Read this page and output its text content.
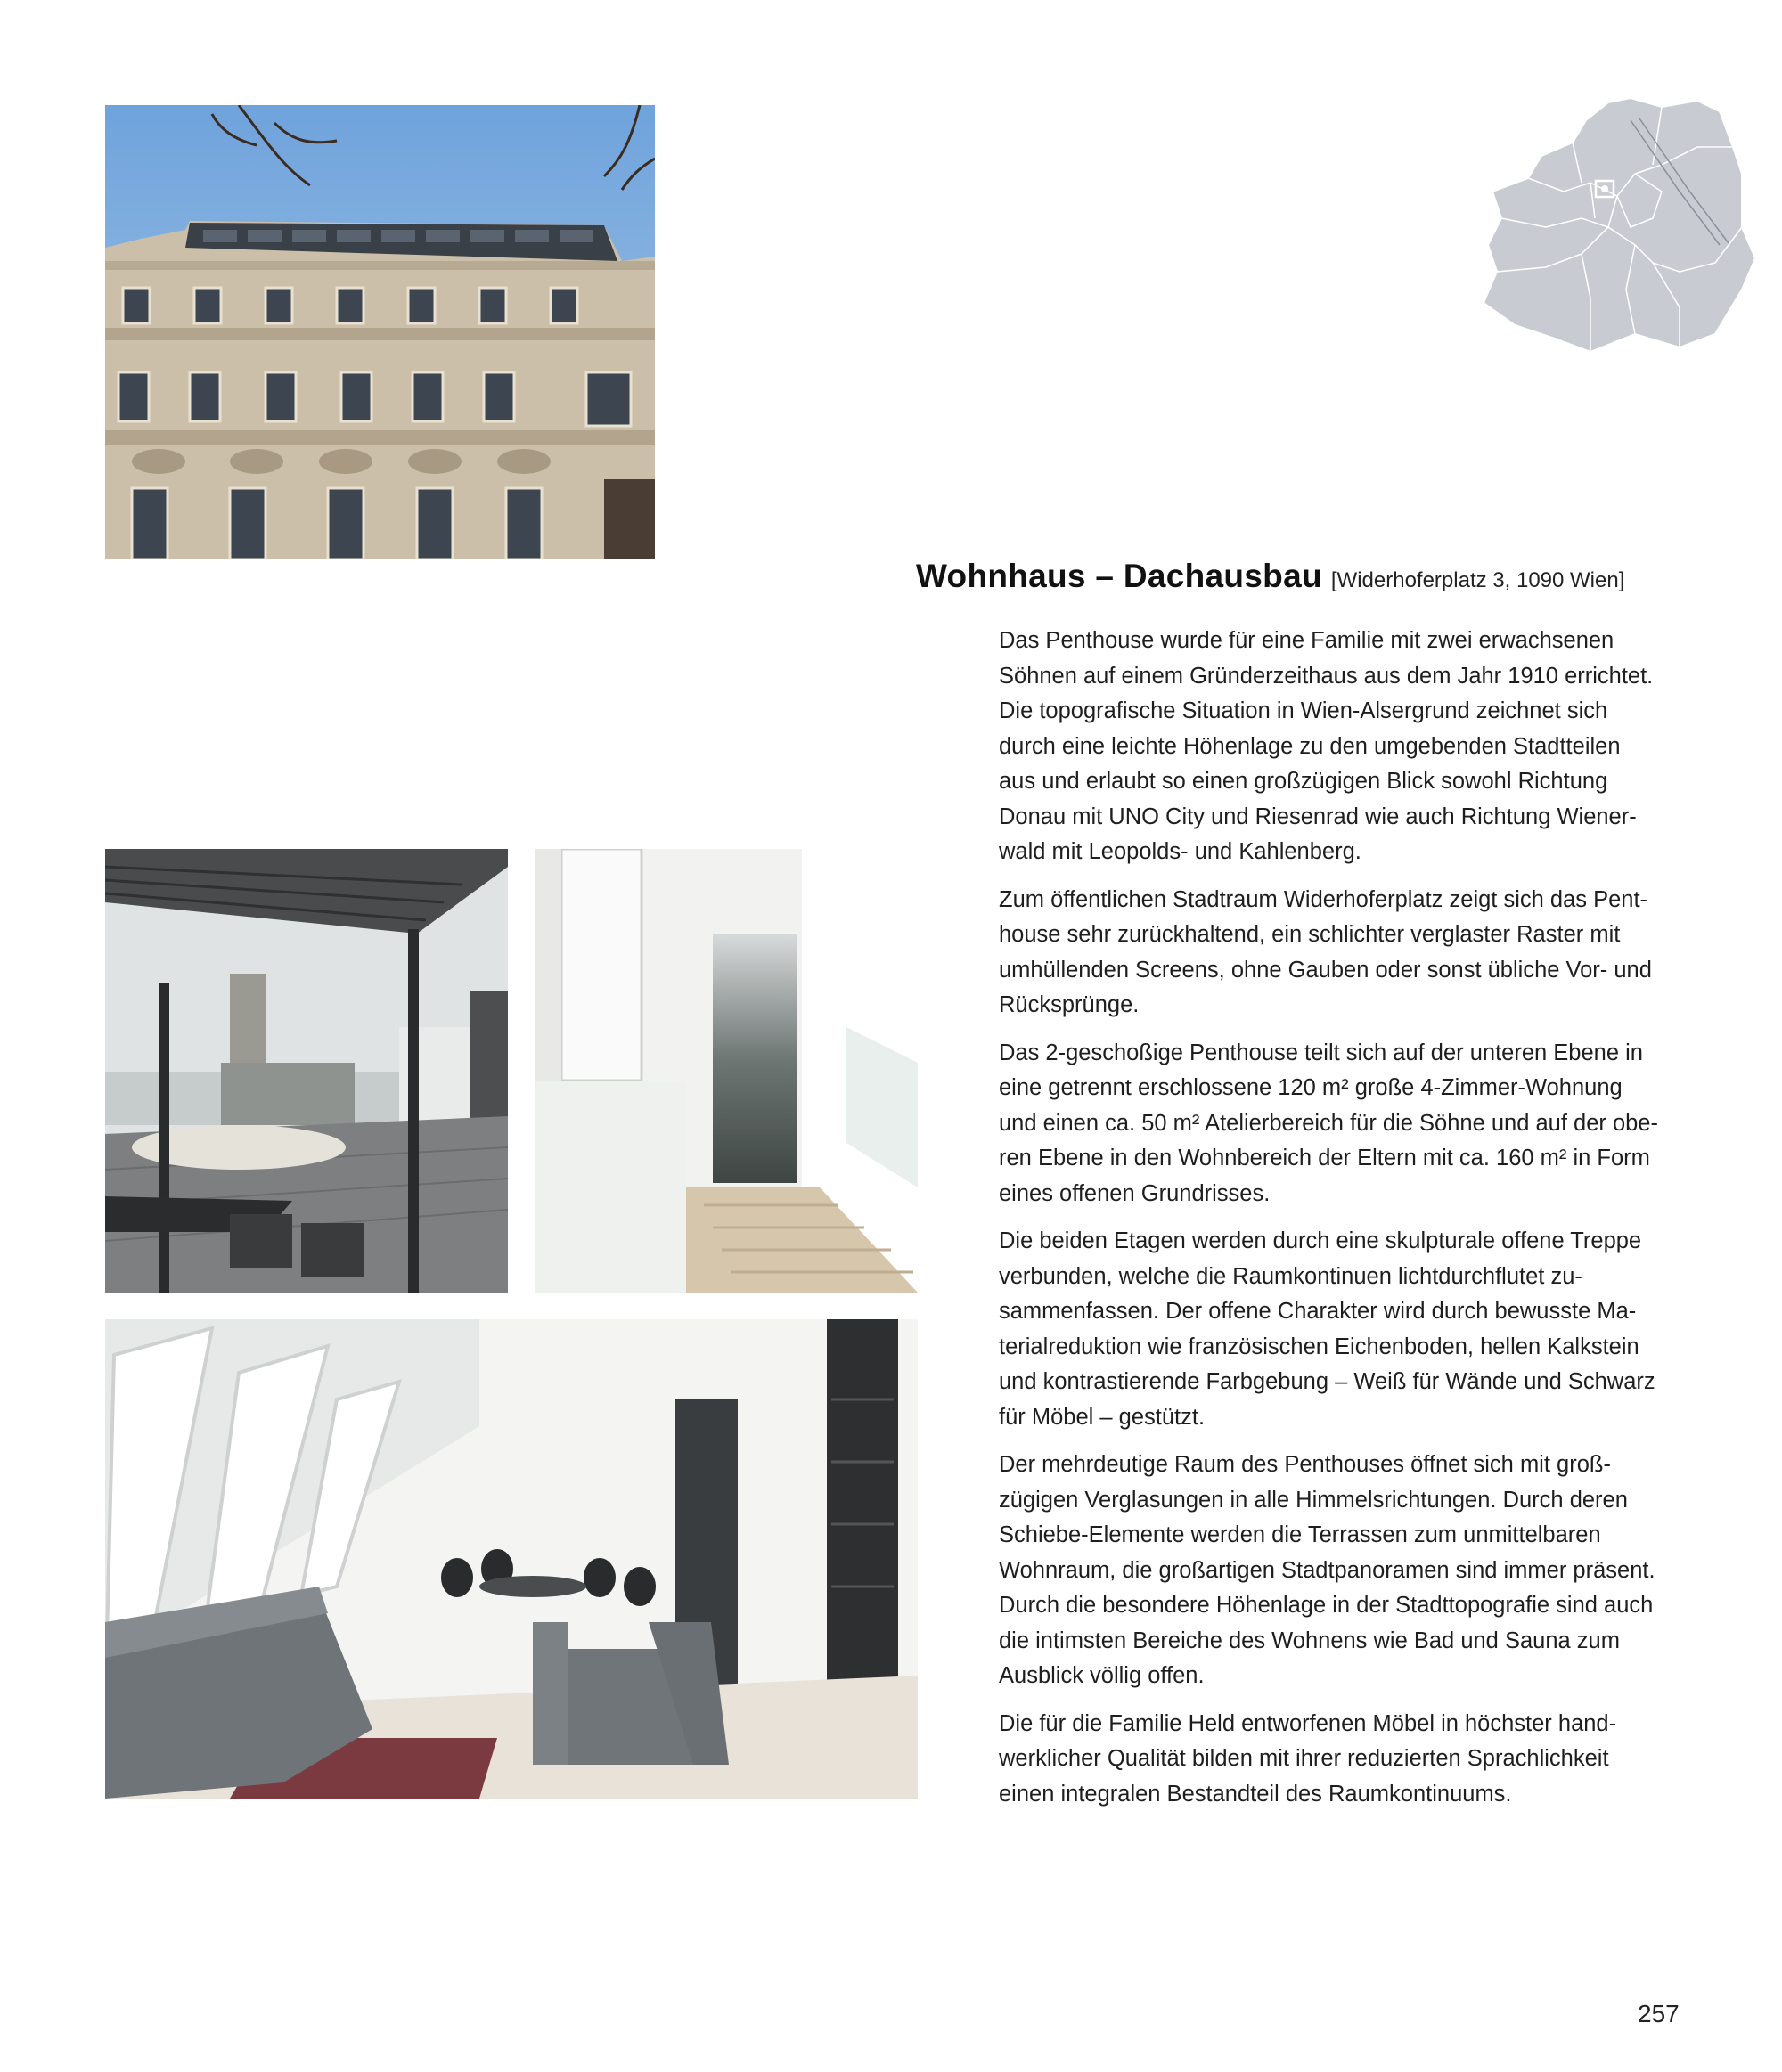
Wohnhaus – Dachausbau [Widerhoferplatz 3, 1090 Wien]

Das Penthouse wurde für eine Familie mit zwei erwachsenen
Söhnen auf einem Gründerzeithaus aus dem Jahr 1910 errichtet.
Die topografische Situation in Wien-Alsergrund zeichnet sich
durch eine leichte Höhenlage zu den umgebenden Stadtteilen
aus und erlaubt so einen großzügigen Blick sowohl Richtung
Donau mit UNO City und Riesenrad wie auch Richtung Wiener-
wald mit Leopolds- und Kahlenberg.

Zum öffentlichen Stadtraum Widerhoferplatz zeigt sich das Pent-
house sehr zurückhaltend, ein schlichter verglaster Raster mit
umhüllenden Screens, ohne Gauben oder sonst übliche Vor- und
Rücksprünge.

Das 2-geschoßige Penthouse teilt sich auf der unteren Ebene in
eine getrennt erschlossene 120 m² große 4-Zimmer-Wohnung
und einen ca. 50 m² Atelierbereich für die Söhne und auf der obe-
ren Ebene in den Wohnbereich der Eltern mit ca. 160 m² in Form
eines offenen Grundrisses.

Die beiden Etagen werden durch eine skulpturale offene Treppe
verbunden, welche die Raumkontinuen lichtdurchflutet zu-
sammenfassen. Der offene Charakter wird durch bewusste Ma-
terialreduktion wie französischen Eichenboden, hellen Kalkstein
und kontrastierende Farbgebung – Weiß für Wände und Schwarz
für Möbel – gestützt.

Der mehrdeutige Raum des Penthouses öffnet sich mit groß-
zügigen Verglasungen in alle Himmelsrichtungen. Durch deren
Schiebe-Elemente werden die Terrassen zum unmittelbaren
Wohnraum, die großartigen Stadtpanoramen sind immer präsent.
Durch die besondere Höhenlage in der Stadttopografie sind auch
die intimsten Bereiche des Wohnens wie Bad und Sauna zum
Ausblick völlig offen.

Die für die Familie Held entworfenen Möbel in höchster hand-
werklicher Qualität bilden mit ihrer reduzierten Sprachlichkeit
einen integralen Bestandteil des Raumkontinuums.

257
